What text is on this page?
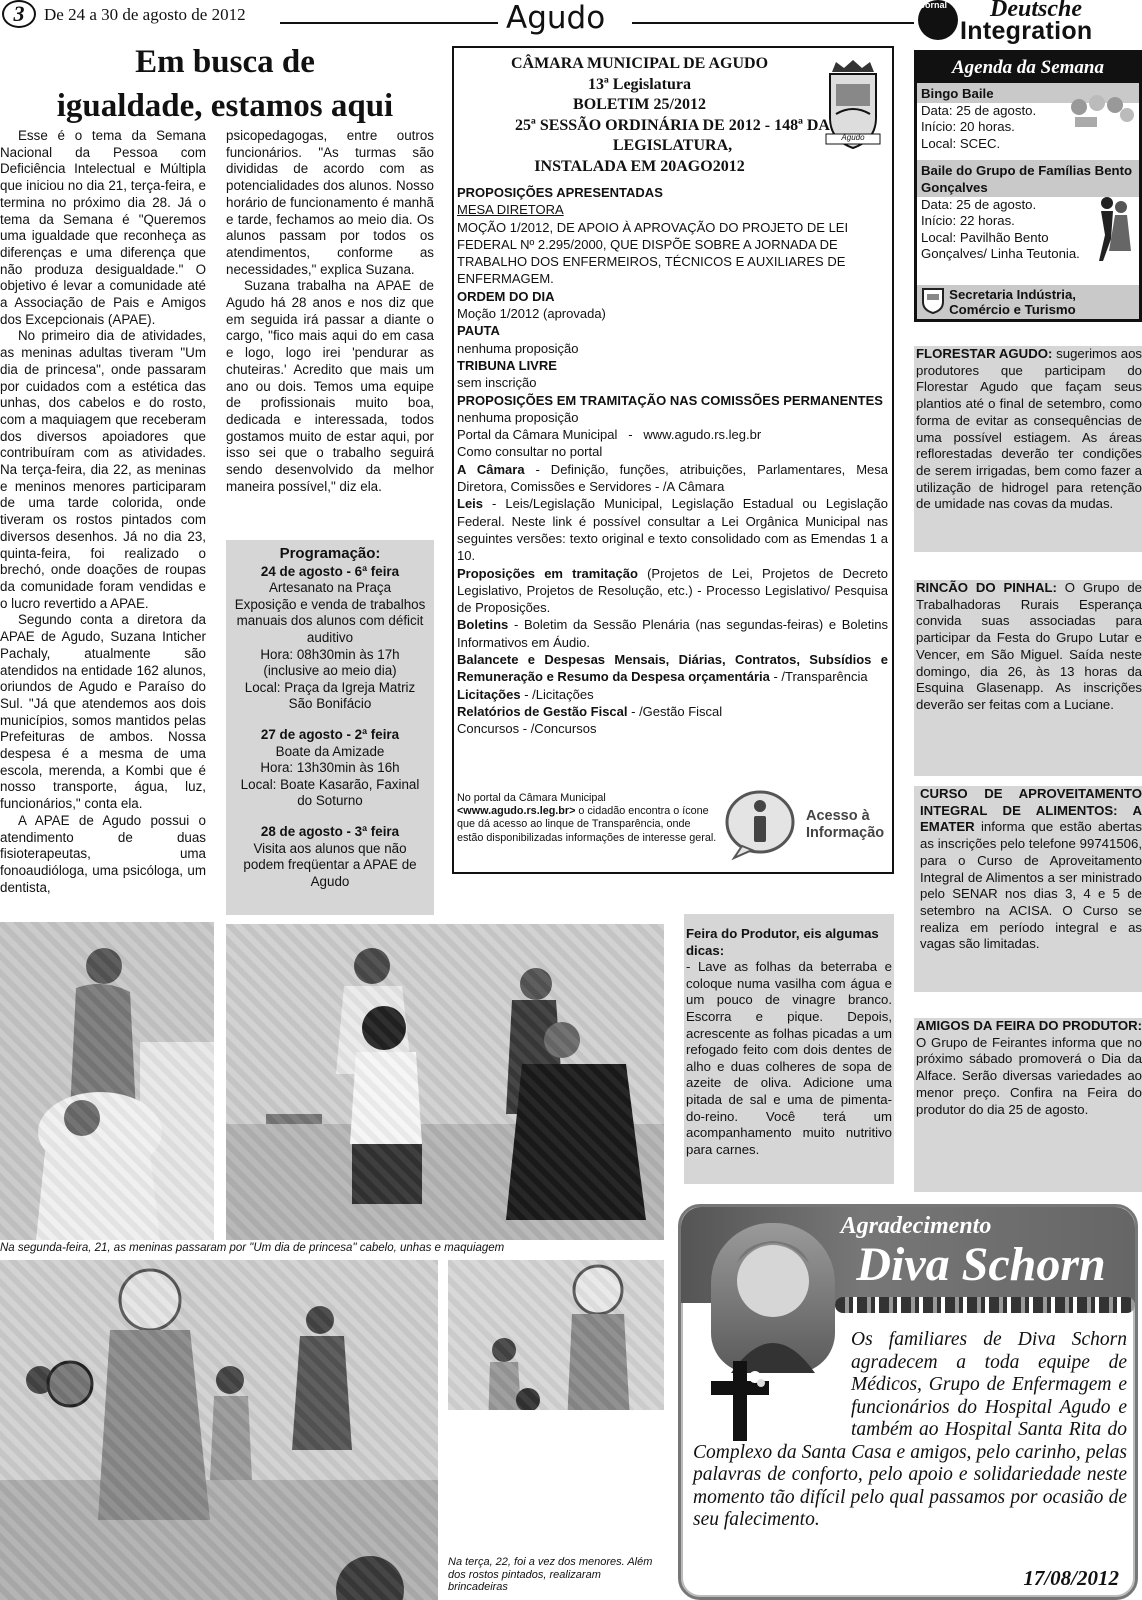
3	De 24 a 30 de agosto de 2012	Agudo	Jornal Deutsche
Integration
Em busca de
igualdade, estamos aqui
Esse é o tema da Semana Nacional da Pessoa com Deficiência Intelectual e Múltipla que iniciou no dia 21, terça-feira, e termina no próximo dia 28. Já o tema da Semana é "Queremos uma igualdade que reconheça as diferenças e uma diferença que não produza desigualdade." O objetivo é levar a comunidade até a Associação de Pais e Amigos dos Excepcionais (APAE).
No primeiro dia de atividades, as meninas adultas tiveram "Um dia de princesa", onde passaram por cuidados com a estética das unhas, dos cabelos e do rosto, com a maquiagem que receberam dos diversos apoiadores que contribuíram com as atividades. Na terça-feira, dia 22, as meninas e meninos menores participaram de uma tarde colorida, onde tiveram os rostos pintados com diversos desenhos. Já no dia 23, quinta-feira, foi realizado o brechó, onde doações de roupas da comunidade foram vendidas e o lucro revertido a APAE.
Segundo conta a diretora da APAE de Agudo, Suzana Inticher Pachaly, atualmente são atendidos na entidade 162 alunos, oriundos de Agudo e Paraíso do Sul. "Já que atendemos aos dois municípios, somos mantidos pelas Prefeituras de ambos. Nossa despesa é a mesma de uma escola, merenda, a Kombi que é nosso transporte, água, luz, funcionários," conta ela.
A APAE de Agudo possui o atendimento de duas fisioterapeutas, uma fonoaudióloga, uma psicóloga, um dentista,
psicopedagogas, entre outros funcionários. "As turmas são divididas de acordo com as potencialidades dos alunos. Nosso horário de funcionamento é manhã e tarde, fechamos ao meio dia. Os alunos passam por todos os atendimentos, conforme as necessidades," explica Suzana.
Suzana trabalha na APAE de Agudo há 28 anos e nos diz que em seguida irá passar a diante o cargo, "fico mais aqui do em casa e logo, logo irei 'pendurar as chuteiras.' Acredito que mais um ano ou dois. Temos uma equipe de profissionais muito boa, dedicada e interessada, todos gostamos muito de estar aqui, por isso sei que o trabalho seguirá sendo desenvolvido da melhor maneira possível," diz ela.
Programação:
24 de agosto - 6ª feira
Artesanato na Praça
Exposição e venda de trabalhos manuais dos alunos com déficit auditivo
Hora: 08h30min às 17h (inclusive ao meio dia)
Local: Praça da Igreja Matriz São Bonifácio
27 de agosto - 2ª feira
Boate da Amizade
Hora: 13h30min às 16h
Local: Boate Kasarão, Faxinal do Soturno
28 de agosto - 3ª feira
Visita aos alunos que não podem freqüentar a APAE de Agudo
CÂMARA MUNICIPAL DE AGUDO
13ª Legislatura
BOLETIM 25/2012
25ª SESSÃO ORDINÁRIA DE 2012 - 148ª DA LEGISLATURA,
INSTALADA EM 20AGO2012
Agudo

PROPOSIÇÕES APRESENTADAS

MESA DIRETORA

MOÇÃO 1/2012, DE APOIO À APROVAÇÃO DO PROJETO DE LEI FEDERAL Nº 2.295/2000, QUE DISPÕE SOBRE A JORNADA DE TRABALHO DOS ENFERMEIROS, TÉCNICOS E AUXILIARES DE ENFERMAGEM.

ORDEM DO DIA

Moção 1/2012 (aprovada)

PAUTA

nenhuma proposição

TRIBUNA LIVRE

sem inscrição

PROPOSIÇÕES EM TRAMITAÇÃO NAS COMISSÕES PERMANENTES

nenhuma proposição

Portal da Câmara Municipal   -   www.agudo.rs.leg.br

Como consultar no portal

A Câmara - Definição, funções, atribuições, Parlamentares, Mesa Diretora, Comissões e Servidores - /A Câmara

Leis - Leis/Legislação Municipal, Legislação Estadual ou Legislação Federal. Neste link é possível consultar a Lei Orgânica Municipal nas seguintes versões: texto original e texto consolidado com as Emendas 1 a 10.

Proposições em tramitação (Projetos de Lei, Projetos de Decreto Legislativo, Projetos de Resolução, etc.) - Processo Legislativo/ Pesquisa de Proposições.

Boletins - Boletim da Sessão Plenária (nas segundas-feiras) e Boletins Informativos em Áudio.

Balancete e Despesas Mensais, Diárias, Contratos, Subsídios e Remuneração e Resumo da Despesa orçamentária - /Transparência

Licitações - /Licitações

Relatórios de Gestão Fiscal - /Gestão Fiscal

Concursos - /Concursos

No portal da Câmara Municipal
<www.agudo.rs.leg.br> o cidadão encontra o ícone que dá acesso ao linque de Transparência, onde estão disponibilizadas informações de interesse geral.
Acesso à
Informação
Agenda da Semana
Bingo Baile
Data: 25 de agosto.
Início: 20 horas.
Local: SCEC.
Baile do Grupo de Famílias Bento Gonçalves
Data: 25 de agosto.
Início: 22 horas.
Local: Pavilhão Bento Gonçalves/ Linha Teutonia.
Secretaria Indústria, Comércio e Turismo
FLORESTAR AGUDO: sugerimos aos produtores que participam do Florestar Agudo que façam seus plantios até o final de setembro, como forma de evitar as consequências de uma possível estiagem. As áreas reflorestadas deverão ter condições de serem irrigadas, bem como fazer a utilização de hidrogel para retenção de umidade nas covas da mudas.
RINCÃO DO PINHAL: O Grupo de Trabalhadoras Rurais Esperança convida suas associadas para participar da Festa do Grupo Lutar e Vencer, em São Miguel. Saída neste domingo, dia 26, às 13 horas da Esquina Glasenapp. As inscrições deverão ser feitas com a Luciane.
CURSO DE APROVEITAMENTO INTEGRAL DE ALIMENTOS: A EMATER informa que estão abertas as inscrições pelo telefone 99741506, para o Curso de Aproveitamento Integral de Alimentos a ser ministrado pelo SENAR nos dias 3, 4 e 5 de setembro na ACISA. O Curso se realiza em período integral e as vagas são limitadas.
AMIGOS DA FEIRA DO PRODUTOR: O Grupo de Feirantes informa que no próximo sábado promoverá o Dia da Alface. Serão diversas variedades ao menor preço. Confira na Feira do produtor do dia 25 de agosto.
Feira do Produtor, eis algumas dicas:
- Lave as folhas da beterraba e coloque numa vasilha com água e um pouco de vinagre branco. Escorra e pique. Depois, acrescente as folhas picadas a um refogado feito com dois dentes de alho e duas colheres de sopa de azeite de oliva. Adicione uma pitada de sal e uma de pimenta-do-reino. Você terá um acompanhamento muito nutritivo para carnes.
Na segunda-feira, 21, as meninas passaram por "Um dia de princesa" cabelo, unhas e maquiagem
Na terça, 22, foi a vez dos menores. Além dos rostos pintados, realizaram brincadeiras
Agradecimento
Diva Schorn
Os familiares de Diva Schorn agradecem a toda equipe de Médicos, Grupo de Enfermagem e funcionários do Hospital Agudo e também ao Hospital Santa Rita do Complexo da Santa Casa e amigos, pelo carinho, pelas palavras de conforto, pelo apoio e solidariedade neste momento tão difícil pelo qual passamos por ocasião de seu falecimento.
17/08/2012
